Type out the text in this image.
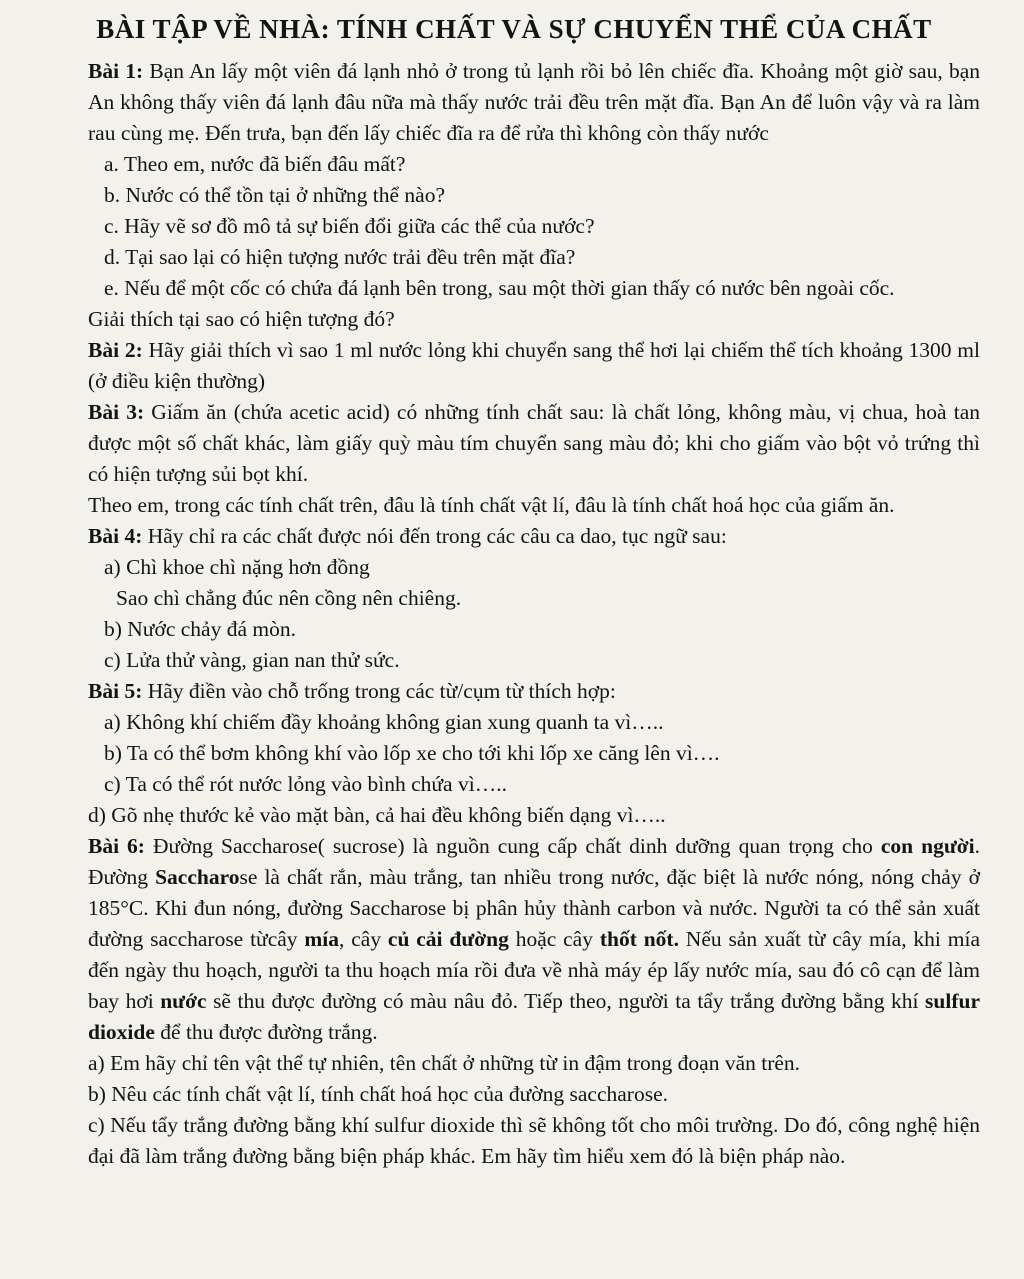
BÀI TẬP VỀ NHÀ: TÍNH CHẤT VÀ SỰ CHUYỂN THỂ CỦA CHẤT

Bài 1: Bạn An lấy một viên đá lạnh nhỏ ở trong tủ lạnh rồi bỏ lên chiếc đĩa. Khoảng một giờ sau, bạn An không thấy viên đá lạnh đâu nữa mà thấy nước trải đều trên mặt đĩa. Bạn An để luôn vậy và ra làm rau cùng mẹ. Đến trưa, bạn đến lấy chiếc đĩa ra để rửa thì không còn thấy nước

a. Theo em, nước đã biến đâu mất?

b. Nước có thể tồn tại ở những thể nào?

c. Hãy vẽ sơ đồ mô tả sự biến đổi giữa các thể của nước?

d. Tại sao lại có hiện tượng nước trải đều trên mặt đĩa?

e. Nếu để một cốc có chứa đá lạnh bên trong, sau một thời gian thấy có nước bên ngoài cốc.

Giải thích tại sao có hiện tượng đó?

Bài 2: Hãy giải thích vì sao 1 ml nước lỏng khi chuyển sang thể hơi lại chiếm thể tích khoảng 1300 ml (ở điều kiện thường)

Bài 3: Giấm ăn (chứa acetic acid) có những tính chất sau: là chất lỏng, không màu, vị chua, hoà tan được một số chất khác, làm giấy quỳ màu tím chuyển sang màu đỏ; khi cho giấm vào bột vỏ trứng thì có hiện tượng sủi bọt khí.

Theo em, trong các tính chất trên, đâu là tính chất vật lí, đâu là tính chất hoá học của giấm ăn.

Bài 4: Hãy chỉ ra các chất được nói đến trong các câu ca dao, tục ngữ sau:

a) Chì khoe chì nặng hơn đồng

Sao chì chẳng đúc nên cồng nên chiêng.

b) Nước chảy đá mòn.

c) Lửa thử vàng, gian nan thử sức.

Bài 5: Hãy điền vào chỗ trống trong các từ/cụm từ thích hợp:

a) Không khí chiếm đầy khoảng không gian xung quanh ta vì…..

b) Ta có thể bơm không khí vào lốp xe cho tới khi lốp xe căng lên vì….

c) Ta có thể rót nước lỏng vào bình chứa vì…..

d) Gõ nhẹ thước kẻ vào mặt bàn, cả hai đều không biến dạng vì…..

Bài 6: Đường Saccharose( sucrose) là nguồn cung cấp chất dinh dưỡng quan trọng cho con người. Đường Saccharose là chất rắn, màu trắng, tan nhiều trong nước, đặc biệt là nước nóng, nóng chảy ở 185°C. Khi đun nóng, đường Saccharose bị phân hủy thành carbon và nước. Người ta có thể sản xuất đường saccharose từcây mía, cây củ cải đường hoặc cây thốt nốt. Nếu sản xuất từ cây mía, khi mía đến ngày thu hoạch, người ta thu hoạch mía rồi đưa về nhà máy ép lấy nước mía, sau đó cô cạn để làm bay hơi nước sẽ thu được đường có màu nâu đỏ. Tiếp theo, người ta tẩy trắng đường bằng khí sulfur dioxide để thu được đường trắng.

a) Em hãy chỉ tên vật thể tự nhiên, tên chất ở những từ in đậm trong đoạn văn trên.

b) Nêu các tính chất vật lí, tính chất hoá học của đường saccharose.

c) Nếu tẩy trắng đường bằng khí sulfur dioxide thì sẽ không tốt cho môi trường. Do đó, công nghệ hiện đại đã làm trắng đường bằng biện pháp khác. Em hãy tìm hiểu xem đó là biện pháp nào.
